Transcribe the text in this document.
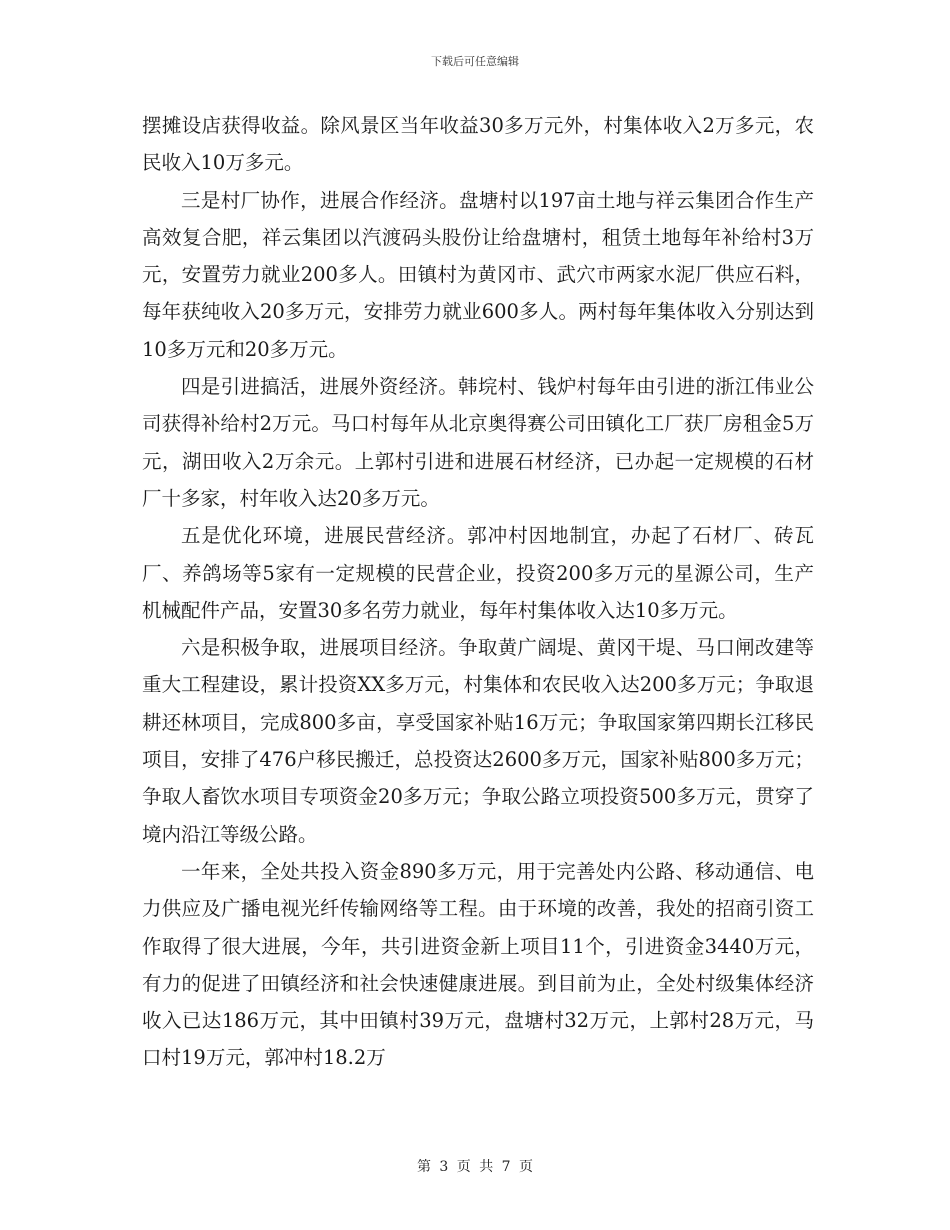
下载后可任意编辑

摆摊设店获得收益。除风景区当年收益30多万元外，村集体收入2万多元，农民收入10万多元。

三是村厂协作，进展合作经济。盘塘村以197亩土地与祥云集团合作生产高效复合肥，祥云集团以汽渡码头股份让给盘塘村，租赁土地每年补给村3万元，安置劳力就业200多人。田镇村为黄冈市、武穴市两家水泥厂供应石料，每年获纯收入20多万元，安排劳力就业600多人。两村每年集体收入分别达到10多万元和20多万元。

四是引进搞活，进展外资经济。韩垸村、钱炉村每年由引进的浙江伟业公司获得补给村2万元。马口村每年从北京奥得赛公司田镇化工厂获厂房租金5万元，湖田收入2万余元。上郭村引进和进展石材经济，已办起一定规模的石材厂十多家，村年收入达20多万元。

五是优化环境，进展民营经济。郭冲村因地制宜，办起了石材厂、砖瓦厂、养鸽场等5家有一定规模的民营企业，投资200多万元的星源公司，生产机械配件产品，安置30多名劳力就业，每年村集体收入达10多万元。

六是积极争取，进展项目经济。争取黄广阔堤、黄冈干堤、马口闸改建等重大工程建设，累计投资XX多万元，村集体和农民收入达200多万元；争取退耕还林项目，完成800多亩，享受国家补贴16万元；争取国家第四期长江移民项目，安排了476户移民搬迁，总投资达2600多万元，国家补贴800多万元；争取人畜饮水项目专项资金20多万元；争取公路立项投资500多万元，贯穿了境内沿江等级公路。

一年来，全处共投入资金890多万元，用于完善处内公路、移动通信、电力供应及广播电视光纤传输网络等工程。由于环境的改善，我处的招商引资工作取得了很大进展，今年，共引进资金新上项目11个，引进资金3440万元，有力的促进了田镇经济和社会快速健康进展。到目前为止，全处村级集体经济收入已达186万元，其中田镇村39万元，盘塘村32万元，上郭村28万元，马口村19万元，郭冲村18.2万

第 3 页 共 7 页
